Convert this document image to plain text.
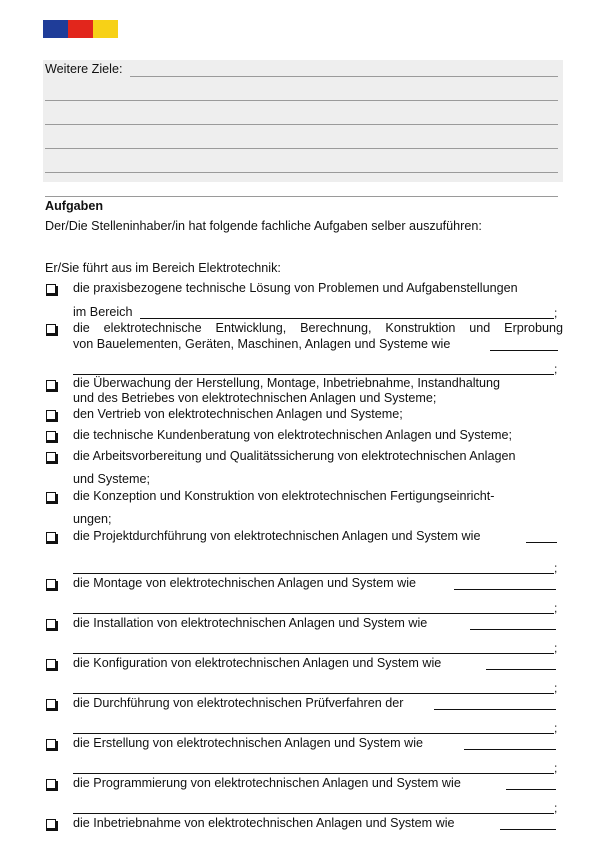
Weitere Ziele:
Aufgaben
Der/Die Stelleninhaber/in hat folgende fachliche Aufgaben selber auszuführen:
Er/Sie führt aus im Bereich Elektrotechnik:
die praxisbezogene technische Lösung von Problemen und Aufgabenstellungen
im Bereich	;
die elektrotechnische Entwicklung, Berechnung, Konstruktion und Erprobung
von Bauelementen, Geräten, Maschinen, Anlagen und Systeme wie
;
die Überwachung der Herstellung, Montage, Inbetriebnahme, Instandhaltung
und des Betriebes von elektrotechnischen Anlagen und Systeme;
den Vertrieb von elektrotechnischen Anlagen und Systeme;
die technische Kundenberatung von elektrotechnischen Anlagen und Systeme;
die Arbeitsvorbereitung und Qualitätssicherung von elektrotechnischen Anlagen
und Systeme;
die Konzeption und Konstruktion von elektrotechnischen Fertigungseinricht-
ungen;
die Projektdurchführung von elektrotechnischen Anlagen und System wie
;
die Montage von elektrotechnischen Anlagen und System wie
;
die Installation von elektrotechnischen Anlagen und System wie
;
die Konfiguration von elektrotechnischen Anlagen und System wie
;
die Durchführung von elektrotechnischen Prüfverfahren der
;
die Erstellung von elektrotechnischen Anlagen und System wie
;
die Programmierung von elektrotechnischen Anlagen und System wie
;
die Inbetriebnahme von elektrotechnischen Anlagen und System wie
